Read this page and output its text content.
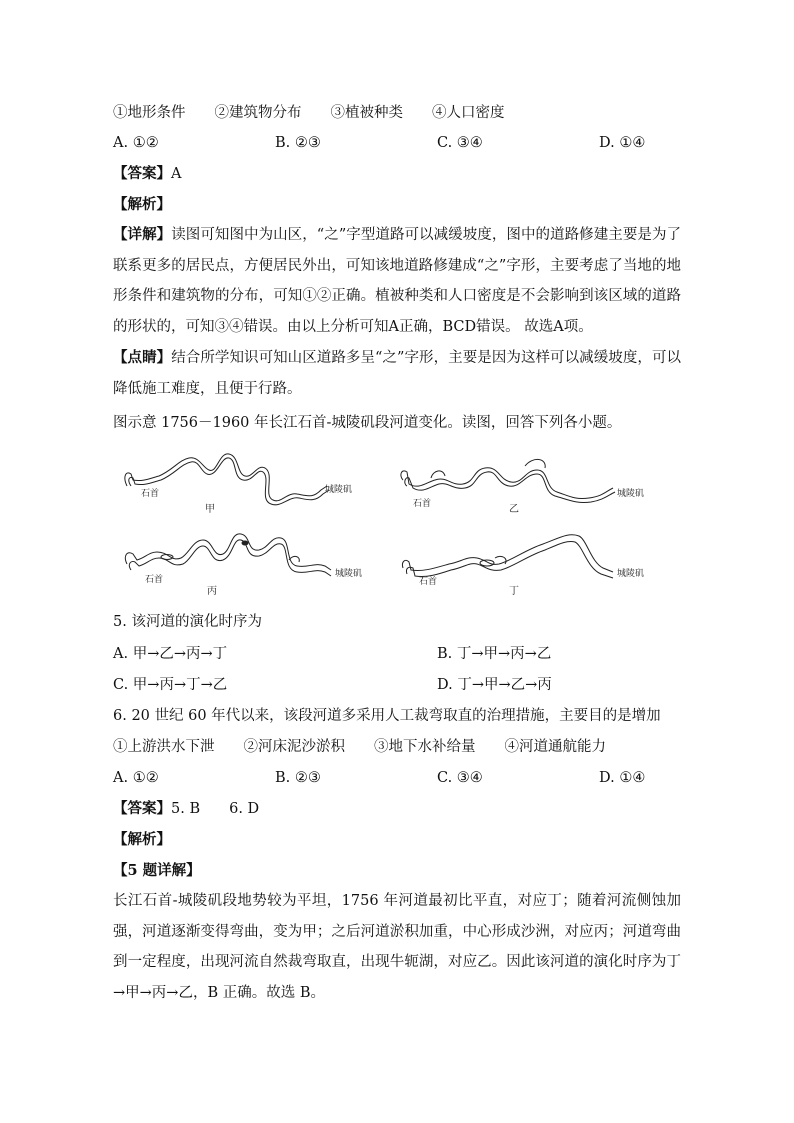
①地形条件　　②建筑物分布　　③植被种类　　④人口密度
A. ①②	B. ②③	C. ③④	D. ①④
【答案】A
【解析】
【详解】读图可知图中为山区，“之”字型道路可以减缓坡度，图中的道路修建主要是为了联系更多的居民点，方便居民外出，可知该地道路修建成“之”字形，主要考虑了当地的地形条件和建筑物的分布，可知①②正确。植被种类和人口密度是不会影响到该区域的道路的形状的，可知③④错误。由以上分析可知A正确，BCD错误。 故选A项。
【点睛】结合所学知识可知山区道路多呈“之”字形，主要是因为这样可以减缓坡度，可以降低施工难度，且便于行路。
图示意 1756－1960 年长江石首-城陵矶段河道变化。读图，回答下列各小题。
石首	城陵矶
甲	石首
城陵矶
乙
石首
城陵矶
丙
石首
城陵矶
丁
5. 该河道的演化时序为
A. 甲→乙→丙→丁	B. 丁→甲→丙→乙
C. 甲→丙→丁→乙	D. 丁→甲→乙→丙
6. 20 世纪 60 年代以来，该段河道多采用人工裁弯取直的治理措施，主要目的是增加
①上游洪水下泄　　②河床泥沙淤积　　③地下水补给量　　④河道通航能力
A. ①②	B. ②③	C. ③④	D. ①④
【答案】5. B　　6. D
【解析】
【5 题详解】
长江石首-城陵矶段地势较为平坦，1756 年河道最初比平直，对应丁；随着河流侧蚀加强，河道逐渐变得弯曲，变为甲；之后河道淤积加重，中心形成沙洲，对应丙；河道弯曲到一定程度，出现河流自然裁弯取直，出现牛轭湖，对应乙。因此该河道的演化时序为丁→甲→丙→乙，B 正确。故选 B。
